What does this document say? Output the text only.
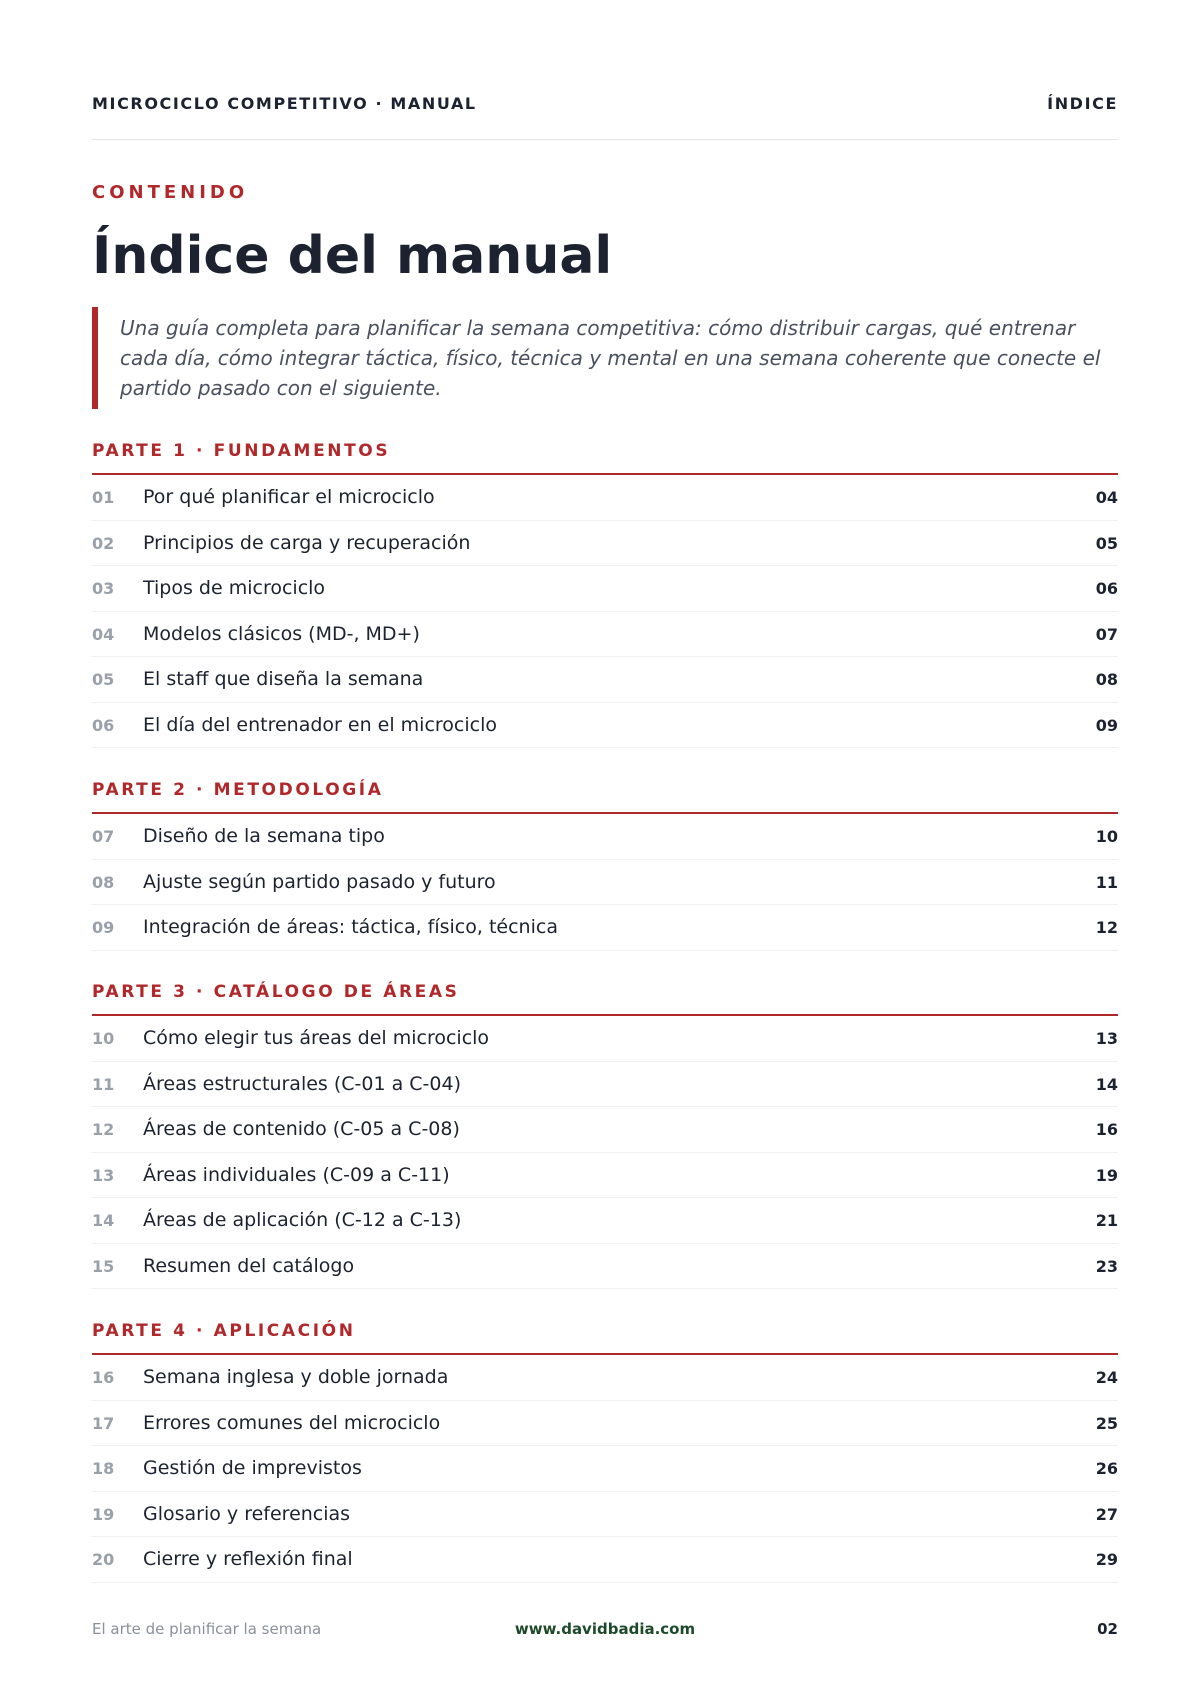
MICROCICLO COMPETITIVO · MANUAL	ÍNDICE
CONTENIDO
Índice del manual

Una guía completa para planificar la semana competitiva: cómo distribuir cargas, qué entrenar cada día, cómo integrar táctica, físico, técnica y mental en una semana coherente que conecte el partido pasado con el siguiente.

PARTE 1 · FUNDAMENTOS
01 Por qué planificar el microciclo	04
02 Principios de carga y recuperación	05
03 Tipos de microciclo	06
04 Modelos clásicos (MD-, MD+)	07
05 El staff que diseña la semana	08
06 El día del entrenador en el microciclo	09
PARTE 2 · METODOLOGÍA
07 Diseño de la semana tipo	10
08 Ajuste según partido pasado y futuro	11
09 Integración de áreas: táctica, físico, técnica	12
PARTE 3 · CATÁLOGO DE ÁREAS
10 Cómo elegir tus áreas del microciclo	13
11 Áreas estructurales (C-01 a C-04)	14
12 Áreas de contenido (C-05 a C-08)	16
13 Áreas individuales (C-09 a C-11)	19
14 Áreas de aplicación (C-12 a C-13)	21
15 Resumen del catálogo	23
PARTE 4 · APLICACIÓN
16 Semana inglesa y doble jornada	24
17 Errores comunes del microciclo	25
18 Gestión de imprevistos	26
19 Glosario y referencias	27
20 Cierre y reflexión final	29
El arte de planificar la semana	www.davidbadia.com	02
